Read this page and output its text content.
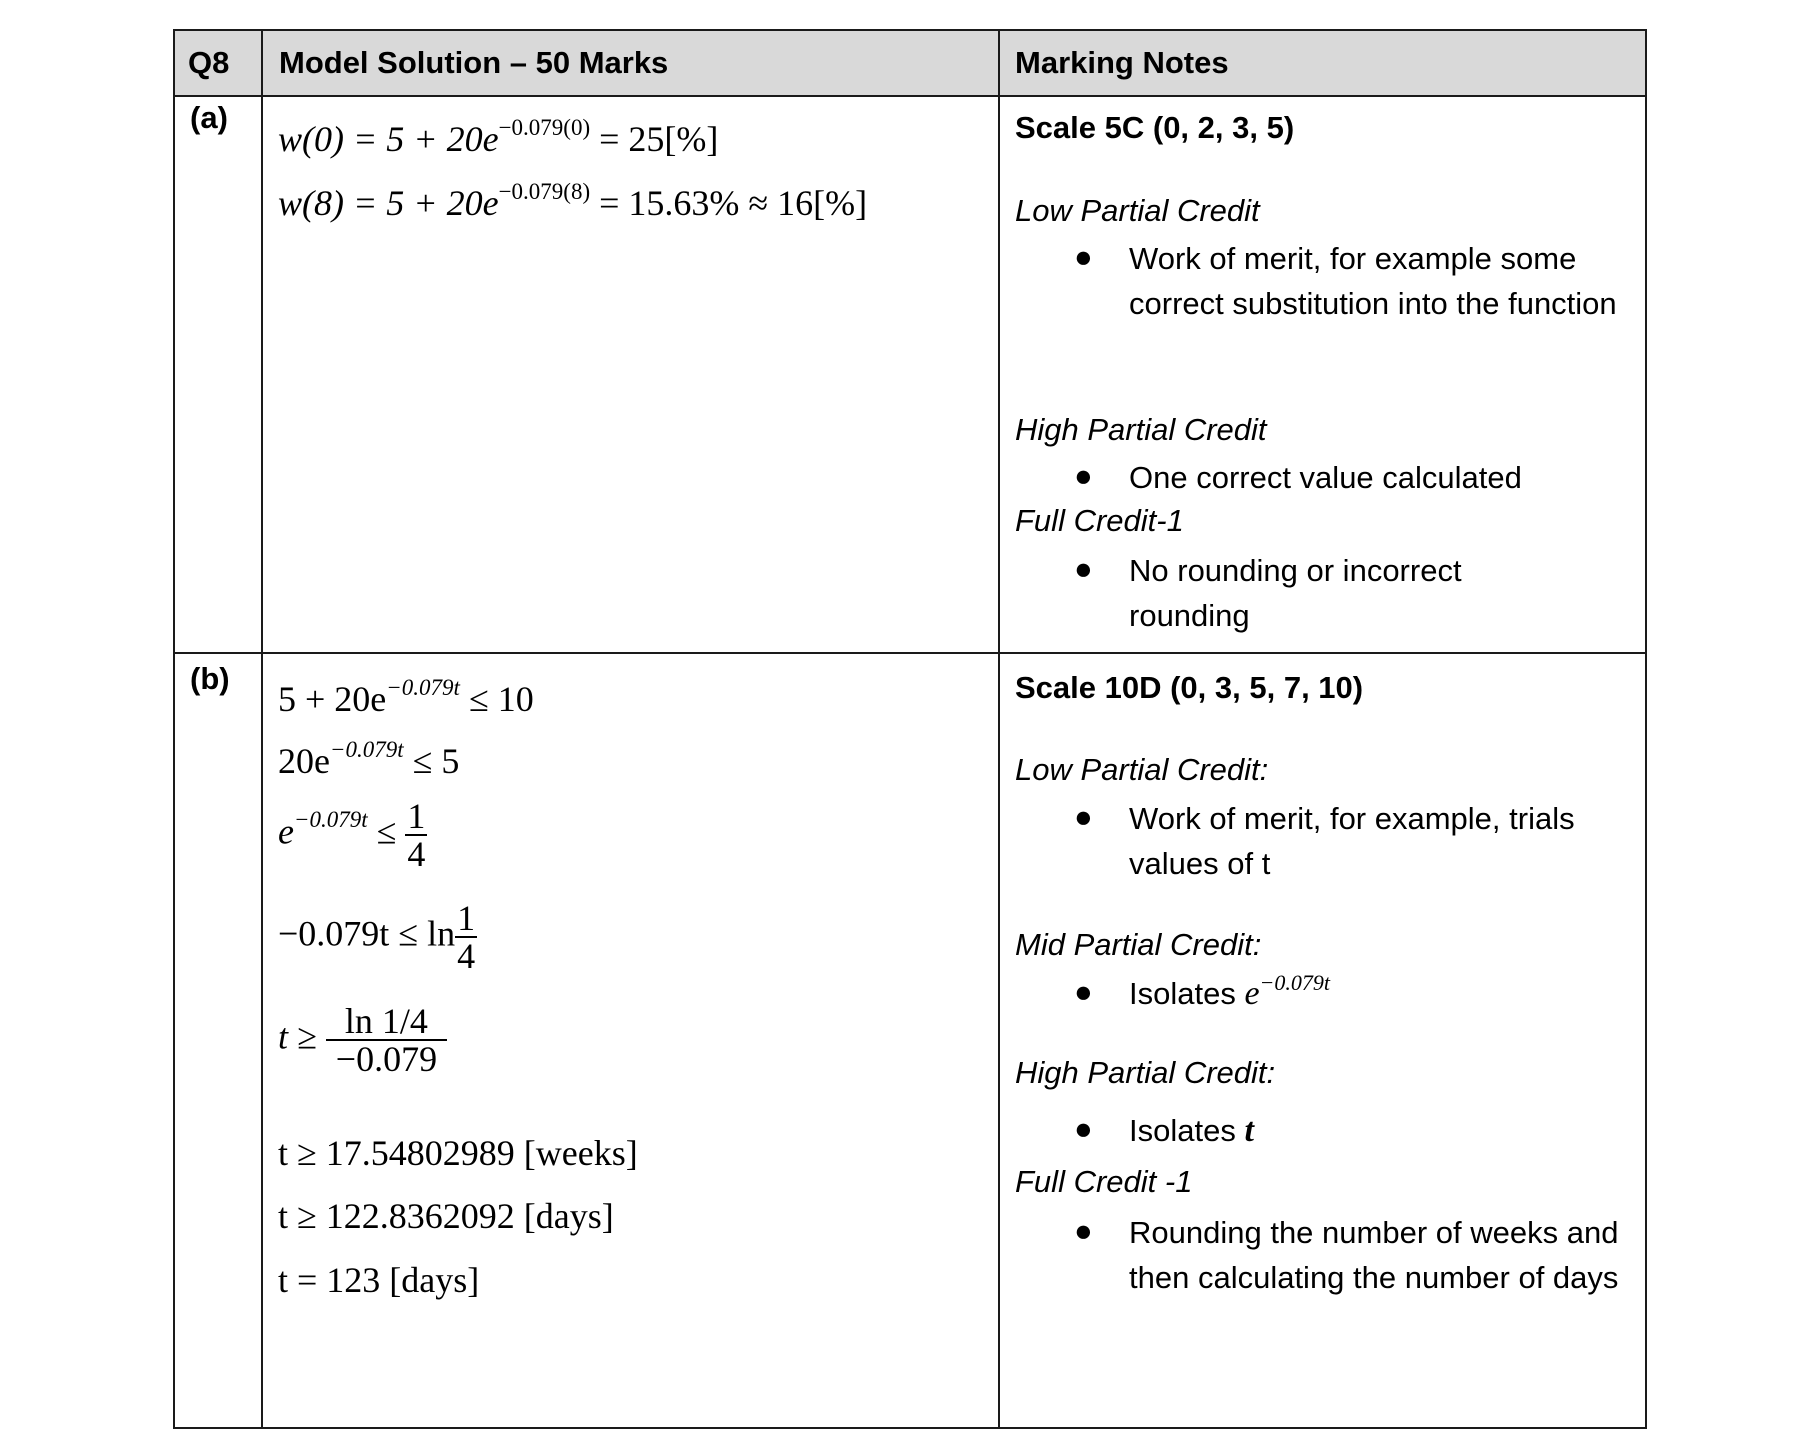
Q8 Model Solution – 50 Marks	Marking Notes
(a)
$w(0) = 5 + 20e^{-0.079(0)} = 25[\%]$
$w(8) = 5 + 20e^{-0.079(8)} = 15.63\% \approx 16[\%]$
Scale 5C (0, 2, 3, 5)
Low Partial Credit
● Work of merit, for example some correct substitution into the function
High Partial Credit
● One correct value calculated
Full Credit-1
● No rounding or incorrect rounding
(b)
$5 + 20e^{-0.079t} \le 10$
$20e^{-0.079t} \le 5$
$e^{-0.079t} \le \frac{1}{4}$
$-0.079t \le \ln \frac{1}{4}$
$t \ge \frac{\ln 1/4}{-0.079}$
t ≥ 17.54802989 [weeks]
t ≥ 122.8362092 [days]
t = 123 [days]
Scale 10D (0, 3, 5, 7, 10)
Low Partial Credit:
● Work of merit, for example, trials values of t
Mid Partial Credit:
● Isolates $e^{-0.079t}$
High Partial Credit:
● Isolates t
Full Credit -1
● Rounding the number of weeks and then calculating the number of days
